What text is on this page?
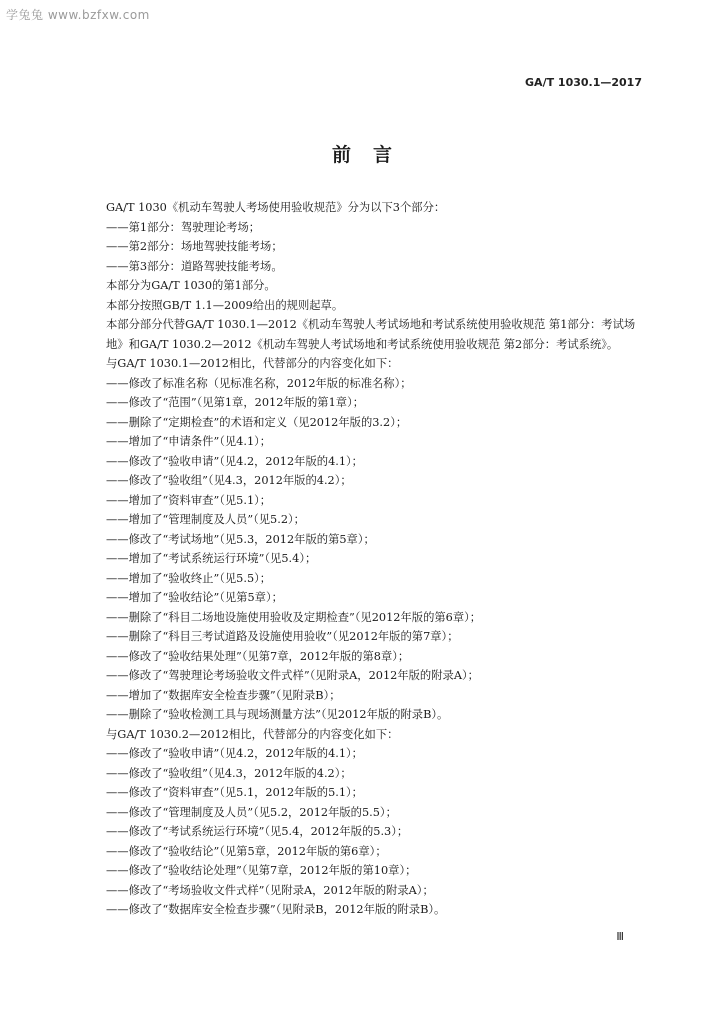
学兔兔 www.bzfxw.com
GA/T 1030.1—2017
前言
GA/T 1030《机动车驾驶人考场使用验收规范》分为以下3个部分：
——第1部分：驾驶理论考场；
——第2部分：场地驾驶技能考场；
——第3部分：道路驾驶技能考场。
本部分为GA/T 1030的第1部分。
本部分按照GB/T 1.1—2009给出的规则起草。
本部分部分代替GA/T 1030.1—2012《机动车驾驶人考试场地和考试系统使用验收规范 第1部分：考试场地》和GA/T 1030.2—2012《机动车驾驶人考试场地和考试系统使用验收规范 第2部分：考试系统》。
与GA/T 1030.1—2012相比，代替部分的内容变化如下：
——修改了标准名称（见标准名称，2012年版的标准名称）；
——修改了“范围”（见第1章，2012年版的第1章）；
——删除了“定期检查”的术语和定义（见2012年版的3.2）；
——增加了“申请条件”（见4.1）；
——修改了“验收申请”（见4.2，2012年版的4.1）；
——修改了“验收组”（见4.3，2012年版的4.2）；
——增加了“资料审查”（见5.1）；
——增加了“管理制度及人员”（见5.2）；
——修改了“考试场地”（见5.3，2012年版的第5章）；
——增加了“考试系统运行环境”（见5.4）；
——增加了“验收终止”（见5.5）；
——增加了“验收结论”（见第5章）；
——删除了“科目二场地设施使用验收及定期检查”（见2012年版的第6章）；
——删除了“科目三考试道路及设施使用验收”（见2012年版的第7章）；
——修改了“验收结果处理”（见第7章，2012年版的第8章）；
——修改了“驾驶理论考场验收文件式样”（见附录A，2012年版的附录A）；
——增加了“数据库安全检查步骤”（见附录B）；
——删除了“验收检测工具与现场测量方法”（见2012年版的附录B）。
与GA/T 1030.2—2012相比，代替部分的内容变化如下：
——修改了“验收申请”（见4.2，2012年版的4.1）；
——修改了“验收组”（见4.3，2012年版的4.2）；
——修改了“资料审查”（见5.1，2012年版的5.1）；
——修改了“管理制度及人员”（见5.2，2012年版的5.5）；
——修改了“考试系统运行环境”（见5.4，2012年版的5.3）；
——修改了“验收结论”（见第5章，2012年版的第6章）；
——修改了“验收结论处理”（见第7章，2012年版的第10章）；
——修改了“考场验收文件式样”（见附录A，2012年版的附录A）；
——修改了“数据库安全检查步骤”（见附录B，2012年版的附录B）。
Ⅲ
